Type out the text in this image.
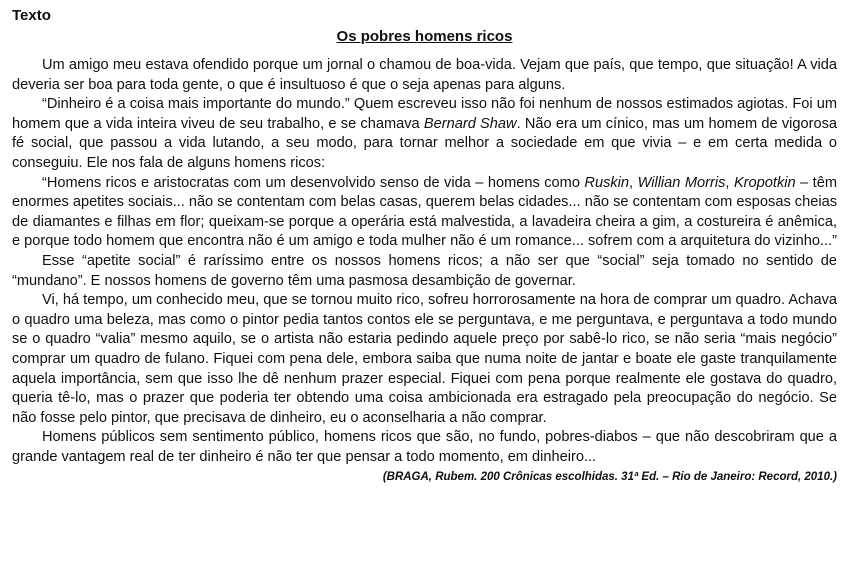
Texto

Os pobres homens ricos

Um amigo meu estava ofendido porque um jornal o chamou de boa-vida. Vejam que país, que tempo, que situação! A vida deveria ser boa para toda gente, o que é insultuoso é que o seja apenas para alguns.

“Dinheiro é a coisa mais importante do mundo.” Quem escreveu isso não foi nenhum de nossos estimados agiotas. Foi um homem que a vida inteira viveu de seu trabalho, e se chamava Bernard Shaw. Não era um cínico, mas um homem de vigorosa fé social, que passou a vida lutando, a seu modo, para tornar melhor a sociedade em que vivia – e em certa medida o conseguiu. Ele nos fala de alguns homens ricos:

“Homens ricos e aristocratas com um desenvolvido senso de vida – homens como Ruskin, Willian Morris, Kropotkin – têm enormes apetites sociais... não se contentam com belas casas, querem belas cidades... não se contentam com esposas cheias de diamantes e filhas em flor; queixam-se porque a operária está malvestida, a lavadeira cheira a gim, a costureira é anêmica, e porque todo homem que encontra não é um amigo e toda mulher não é um romance... sofrem com a arquitetura do vizinho...”

Esse “apetite social” é raríssimo entre os nossos homens ricos; a não ser que “social” seja tomado no sentido de “mundano”. E nossos homens de governo têm uma pasmosa desambição de governar.

Vi, há tempo, um conhecido meu, que se tornou muito rico, sofreu horrorosamente na hora de comprar um quadro. Achava o quadro uma beleza, mas como o pintor pedia tantos contos ele se perguntava, e me perguntava, e perguntava a todo mundo se o quadro “valia” mesmo aquilo, se o artista não estaria pedindo aquele preço por sabê-lo rico, se não seria “mais negócio” comprar um quadro de fulano. Fiquei com pena dele, embora saiba que numa noite de jantar e boate ele gaste tranquilamente aquela importância, sem que isso lhe dê nenhum prazer especial. Fiquei com pena porque realmente ele gostava do quadro, queria tê-lo, mas o prazer que poderia ter obtendo uma coisa ambicionada era estragado pela preocupação do negócio. Se não fosse pelo pintor, que precisava de dinheiro, eu o aconselharia a não comprar.

Homens públicos sem sentimento público, homens ricos que são, no fundo, pobres-diabos – que não descobriram que a grande vantagem real de ter dinheiro é não ter que pensar a todo momento, em dinheiro...

(BRAGA, Rubem. 200 Crônicas escolhidas. 31ª Ed. – Rio de Janeiro: Record, 2010.)
